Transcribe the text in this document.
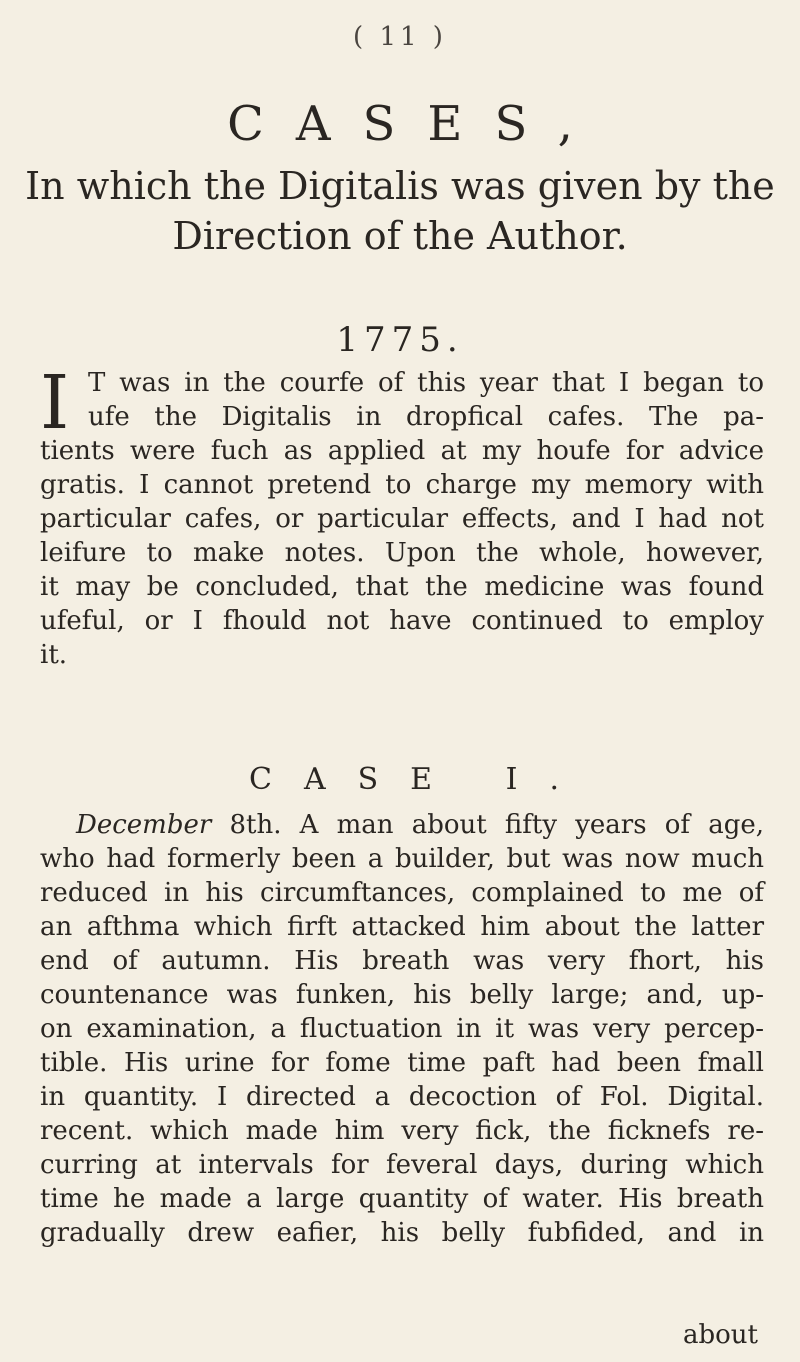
( 11 )
CASES,
In which the Digitalis was given by the
Direction of the Author.
1775.
I T was in the courfe of this year that I began to
ufe the Digitalis in dropfical cafes. The pa-
tients were fuch as applied at my houfe for advice
gratis. I cannot pretend to charge my memory with
particular cafes, or particular effects, and I had not
leifure to make notes. Upon the whole, however,
it may be concluded, that the medicine was found
ufeful, or I fhould not have continued to employ
it.
CASE I.
December 8th. A man about fifty years of age,
who had formerly been a builder, but was now much
reduced in his circumftances, complained to me of
an afthma which firft attacked him about the latter
end of autumn. His breath was very fhort, his
countenance was funken, his belly large; and, up-
on examination, a fluctuation in it was very percep-
tible. His urine for fome time paft had been fmall
in quantity. I directed a decoction of Fol. Digital.
recent. which made him very fick, the ficknefs re-
curring at intervals for feveral days, during which
time he made a large quantity of water. His breath
gradually drew eafier, his belly fubfided, and in
about
